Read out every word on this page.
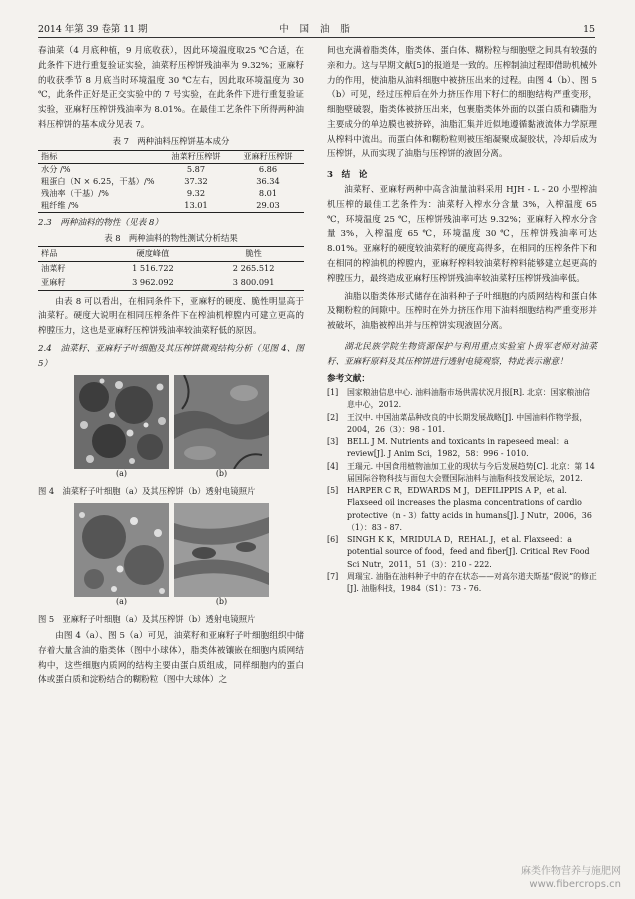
2014 年第 39 卷第 11 期	中 国 油 脂	15

春油菜（4 月底种植，9 月底收获），因此环境温度取25 ℃合适，在此条件下进行重复验证实验，油菜籽压榨饼残油率为 9.32%；亚麻籽的收获季节 8 月底当时环境温度 30 ℃左右，因此取环境温度为 30 ℃，此条件正好是正交实验中的 7 号实验，在此条件下进行重复验证实验，亚麻籽压榨饼残油率为 8.01%。在最佳工艺条件下所得两种油料压榨饼的基本成分见表 7。

表 7　两种油料压榨饼基本成分
指标	油菜籽压榨饼	亚麻籽压榨饼
水分 /%	5.87	6.86
粗蛋白（N × 6.25，干基）/%	37.32	36.34
残油率（干基）/%	9.32	8.01
粗纤维 /%	13.01	29.03

2.3　两种油料的物性（见表 8）

表 8　两种油料的物性测试分析结果
样品	硬度峰值	脆性
油菜籽	1 516.722	2 265.512
亚麻籽	3 962.092	3 800.091

由表 8 可以看出，在相同条件下，亚麻籽的硬度、脆性明显高于油菜籽。硬度大说明在相同压榨条件下在榨油机榨膛内可建立更高的榨膛压力，这也是亚麻籽压榨饼残油率较油菜籽低的原因。

2.4　油菜籽、亚麻籽子叶细胞及其压榨饼微观结构分析（见图 4、图 5）

(a)	(b)

图 4　油菜籽子叶细胞（a）及其压榨饼（b）透射电镜照片

(a)	(b)

图 5　亚麻籽子叶细胞（a）及其压榨饼（b）透射电镜照片

由图 4（a）、图 5（a）可见，油菜籽和亚麻籽子叶细胞组织中储存着大量含油的脂类体（图中小球体），脂类体被镶嵌在细胞内质网结构中，这些细胞内质网的结构主要由蛋白质组成，同样细胞内的蛋白体或蛋白质和淀粉结合的糊粉粒（图中大球体）之

间也充满着脂类体，脂类体、蛋白体、糊粉粒与细胞壁之间具有较强的亲和力。这与早期文献[5]的报道是一致的。压榨制油过程即借助机械外力的作用，使油脂从油料细胞中被挤压出来的过程。由图 4（b）、图 5（b）可见，经过压榨后在外力挤压作用下籽仁的细胞结构严重变形，细胞壁破裂，脂类体被挤压出来，包裹脂类体外面的以蛋白质和磷脂为主要成分的单边膜也被挤碎，油脂汇集并近似地遵循黏液流体力学原理从榨料中流出。而蛋白体和糊粉粒则被压缩凝聚成凝胶状，冷却后成为压榨饼，从而实现了油脂与压榨饼的液固分离。

3　结　论

油菜籽、亚麻籽两种中高含油量油料采用 HJH - L - 20 小型榨油机压榨的最佳工艺条件为：油菜籽入榨水分含量 3%，入榨温度 65 ℃，环境温度 25 ℃，压榨饼残油率可达 9.32%；亚麻籽入榨水分含量 3%，入榨温度 65 ℃，环境温度 30 ℃，压榨饼残油率可达 8.01%。亚麻籽的硬度较油菜籽的硬度高得多，在相同的压榨条件下和在相同的榨油机的榨膛内，亚麻籽榨料较油菜籽榨料能够建立起更高的榨膛压力，最终造成亚麻籽压榨饼残油率较油菜籽压榨饼残油率低。

油脂以脂类体形式储存在油料种子子叶细胞的内质网结构和蛋白体及糊粉粒的间隙中。压榨时在外力挤压作用下油料细胞结构严重变形并被破坏，油脂被榨出并与压榨饼实现液固分离。

湖北民族学院生物资源保护与利用重点实验室卜贵军老师对油菜籽、亚麻籽原料及其压榨饼进行透射电镜观察，特此表示谢意！

参考文献：

[1] 国家粮油信息中心. 油料油脂市场供需状况月报[R]. 北京：国家粮油信息中心，2012.
[2] 王汉中. 中国油菜品种改良的中长期发展战略[J]. 中国油料作物学报，2004，26（3）：98 - 101.
[3] BELL J M. Nutrients and toxicants in rapeseed meal：a review[J]. J Anim Sci，1982，58：996 - 1010.
[4] 王瑞元. 中国食用植物油加工业的现状与今后发展趋势[C]. 北京：第 14 届国际谷物科技与面包大会暨国际油料与油脂科技发展论坛，2012.
[5] HARPER C R，EDWARDS M J，DEFILIPPIS A P，et al. Flaxseed oil increases the plasma concentrations of cardio protective（n - 3）fatty acids in humans[J]. J Nutr，2006，36（1）：83 - 87.
[6] SINGH K K，MRIDULA D，REHAL J，et al. Flaxseed：a potential source of food，feed and fiber[J]. Critical Rev Food Sci Nutr，2011，51（3）：210 - 222.
[7] 周瑞宝. 油脂在油料种子中的存在状态——对高尔道夫斯基“假说”的修正[J]. 油脂科技，1984（S1）：73 - 76.
麻类作物营养与施肥网
www.fibercrops.cn
